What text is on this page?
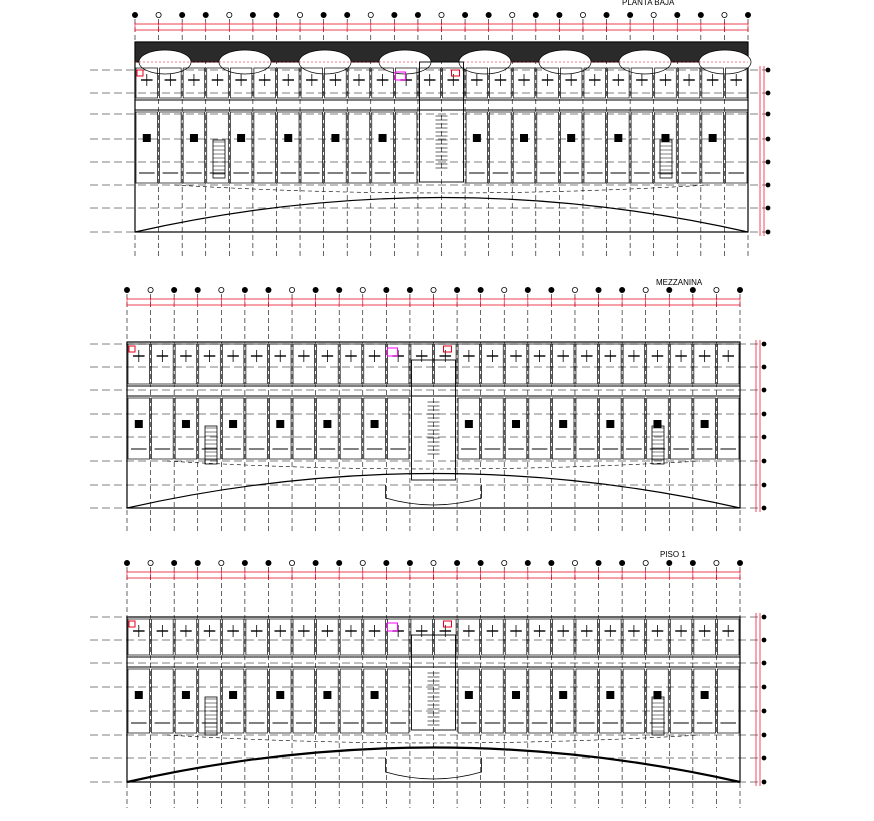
PLANTA BAJA
MEZZANINA
PISO 1
